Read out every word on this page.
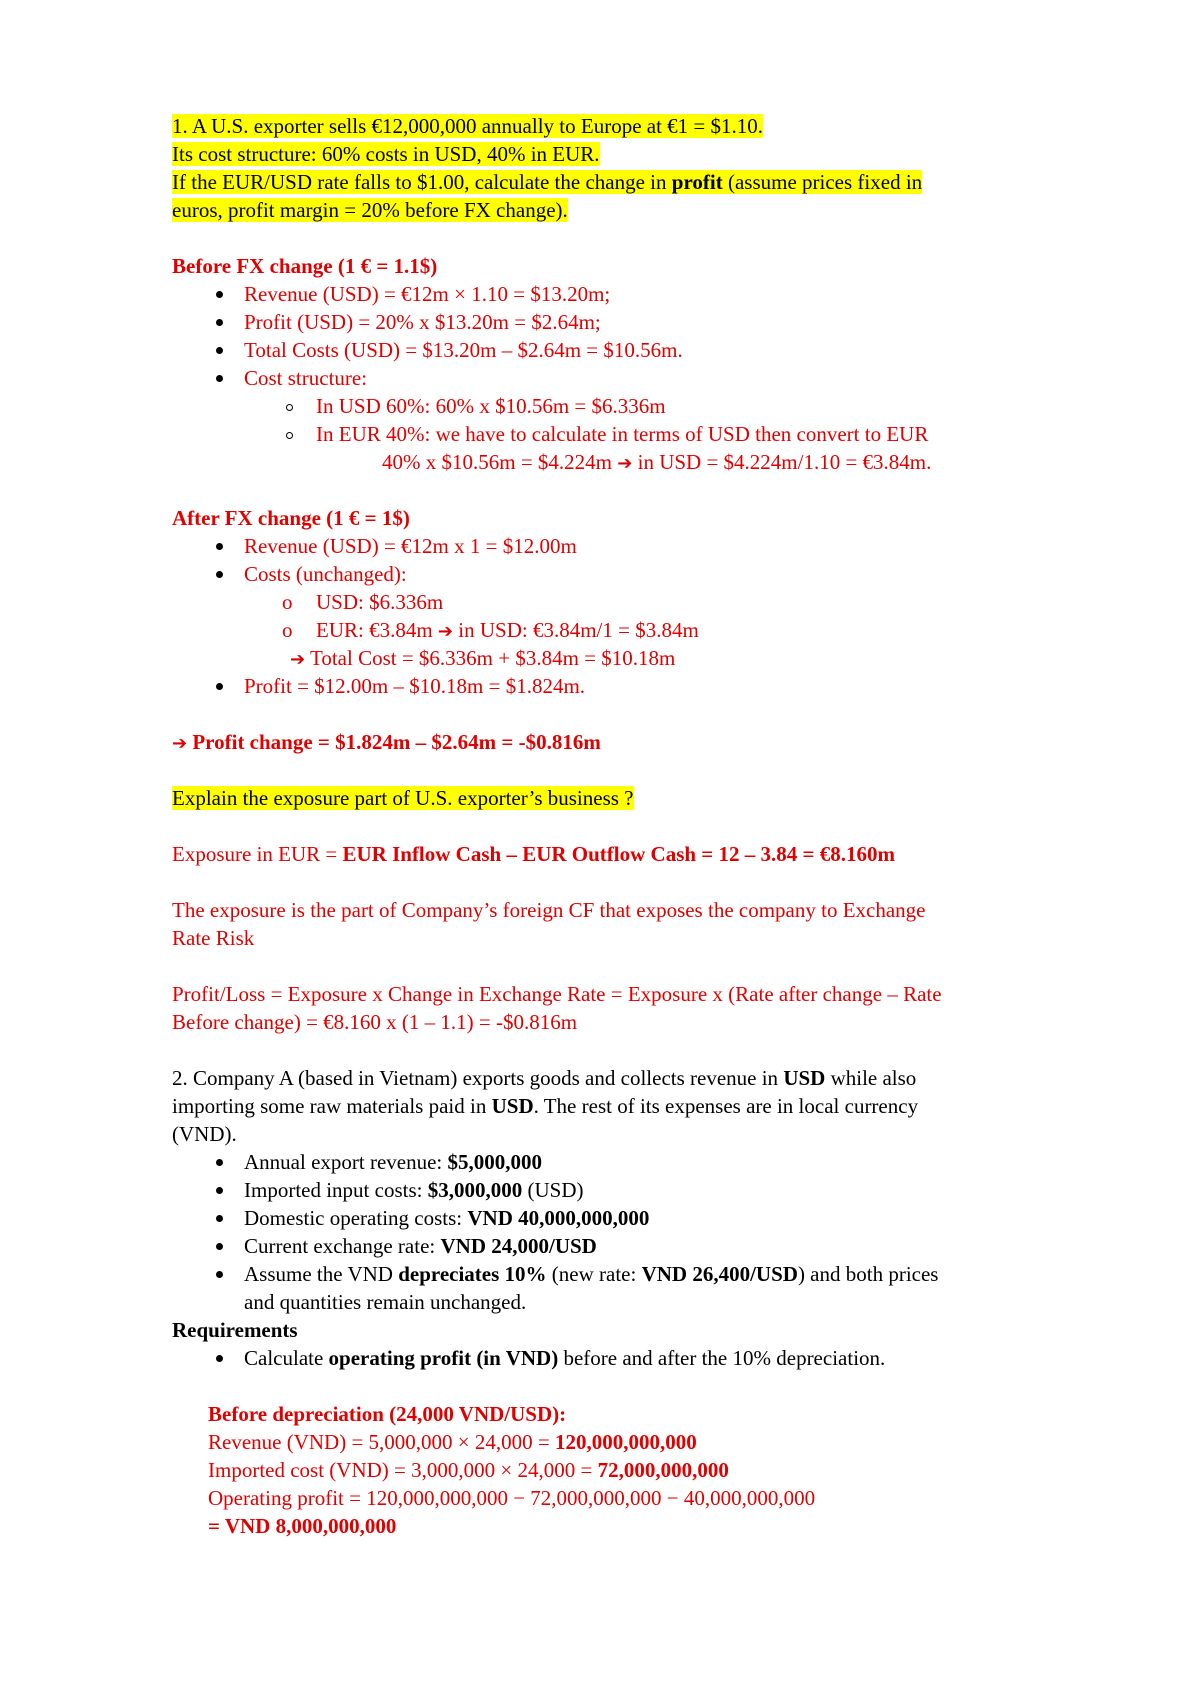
1. A U.S. exporter sells €12,000,000 annually to Europe at €1 = $1.10.
Its cost structure: 60% costs in USD, 40% in EUR.
If the EUR/USD rate falls to $1.00, calculate the change in profit (assume prices fixed in
euros, profit margin = 20% before FX change).
Before FX change (1 € = 1.1$)
Revenue (USD) = €12m × 1.10 = $13.20m;
Profit (USD) = 20% x $13.20m = $2.64m;
Total Costs (USD) = $13.20m – $2.64m = $10.56m.
Cost structure:
In USD 60%: 60% x $10.56m = $6.336m
In EUR 40%: we have to calculate in terms of USD then convert to EUR
40% x $10.56m = $4.224m ➔ in USD = $4.224m/1.10 = €3.84m.
After FX change (1 € = 1$)
Revenue (USD) = €12m x 1 = $12.00m
Costs (unchanged):
o USD: $6.336m
o EUR: €3.84m ➔ in USD: €3.84m/1 = $3.84m
➔ Total Cost = $6.336m + $3.84m = $10.18m
Profit = $12.00m – $10.18m = $1.824m.
➔ Profit change = $1.824m – $2.64m = -$0.816m
Explain the exposure part of U.S. exporter’s business ?
Exposure in EUR = EUR Inflow Cash – EUR Outflow Cash = 12 – 3.84 = €8.160m
The exposure is the part of Company’s foreign CF that exposes the company to Exchange
Rate Risk
Profit/Loss = Exposure x Change in Exchange Rate = Exposure x (Rate after change – Rate
Before change) = €8.160 x (1 – 1.1) = -$0.816m
2. Company A (based in Vietnam) exports goods and collects revenue in USD while also
importing some raw materials paid in USD. The rest of its expenses are in local currency
(VND).
Annual export revenue: $5,000,000
Imported input costs: $3,000,000 (USD)
Domestic operating costs: VND 40,000,000,000
Current exchange rate: VND 24,000/USD
Assume the VND depreciates 10% (new rate: VND 26,400/USD) and both prices
and quantities remain unchanged.
Requirements
Calculate operating profit (in VND) before and after the 10% depreciation.
Before depreciation (24,000 VND/USD):
Revenue (VND) = 5,000,000 × 24,000 = 120,000,000,000
Imported cost (VND) = 3,000,000 × 24,000 = 72,000,000,000
Operating profit = 120,000,000,000 − 72,000,000,000 − 40,000,000,000
= VND 8,000,000,000
